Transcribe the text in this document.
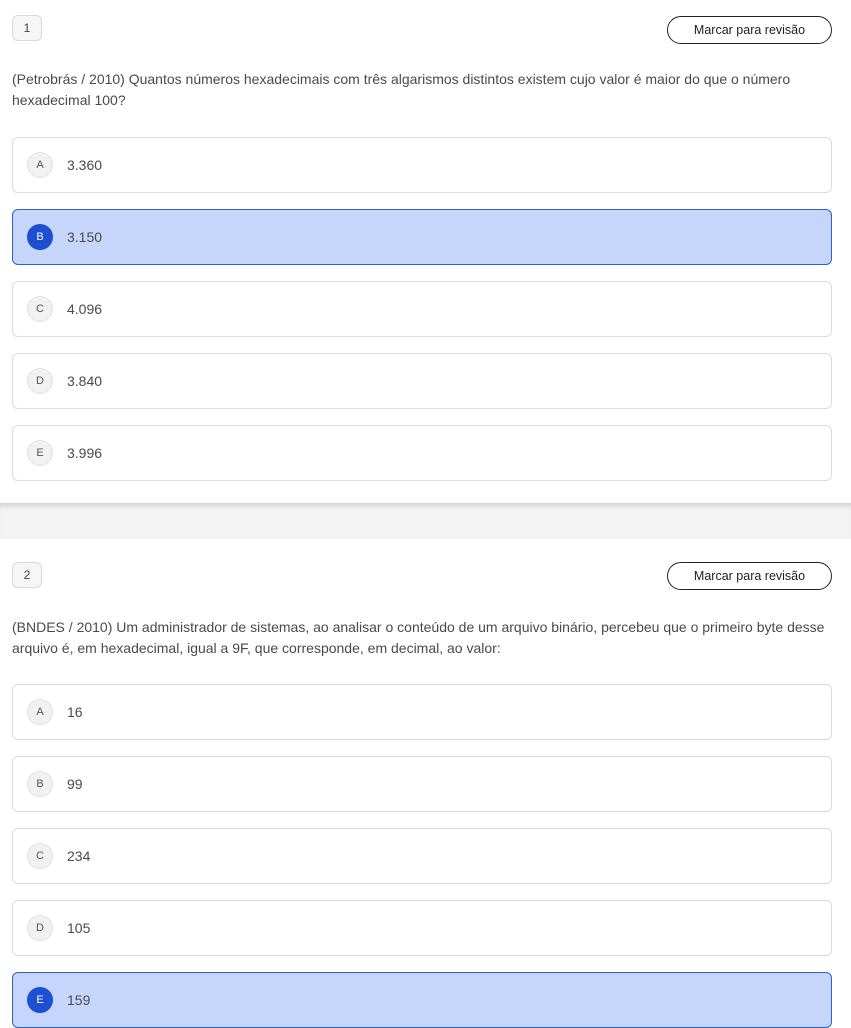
1	Marcar para revisão

(Petrobrás / 2010) Quantos números hexadecimais com três algarismos distintos existem cujo valor é maior do que o número hexadecimal 100?

A	3.360
B	3.150
C	4.096
D	3.840
E	3.996
2	Marcar para revisão

(BNDES / 2010) Um administrador de sistemas, ao analisar o conteúdo de um arquivo binário, percebeu que o primeiro byte desse arquivo é, em hexadecimal, igual a 9F, que corresponde, em decimal, ao valor:

A	16
B	99
C	234
D	105
E	159
